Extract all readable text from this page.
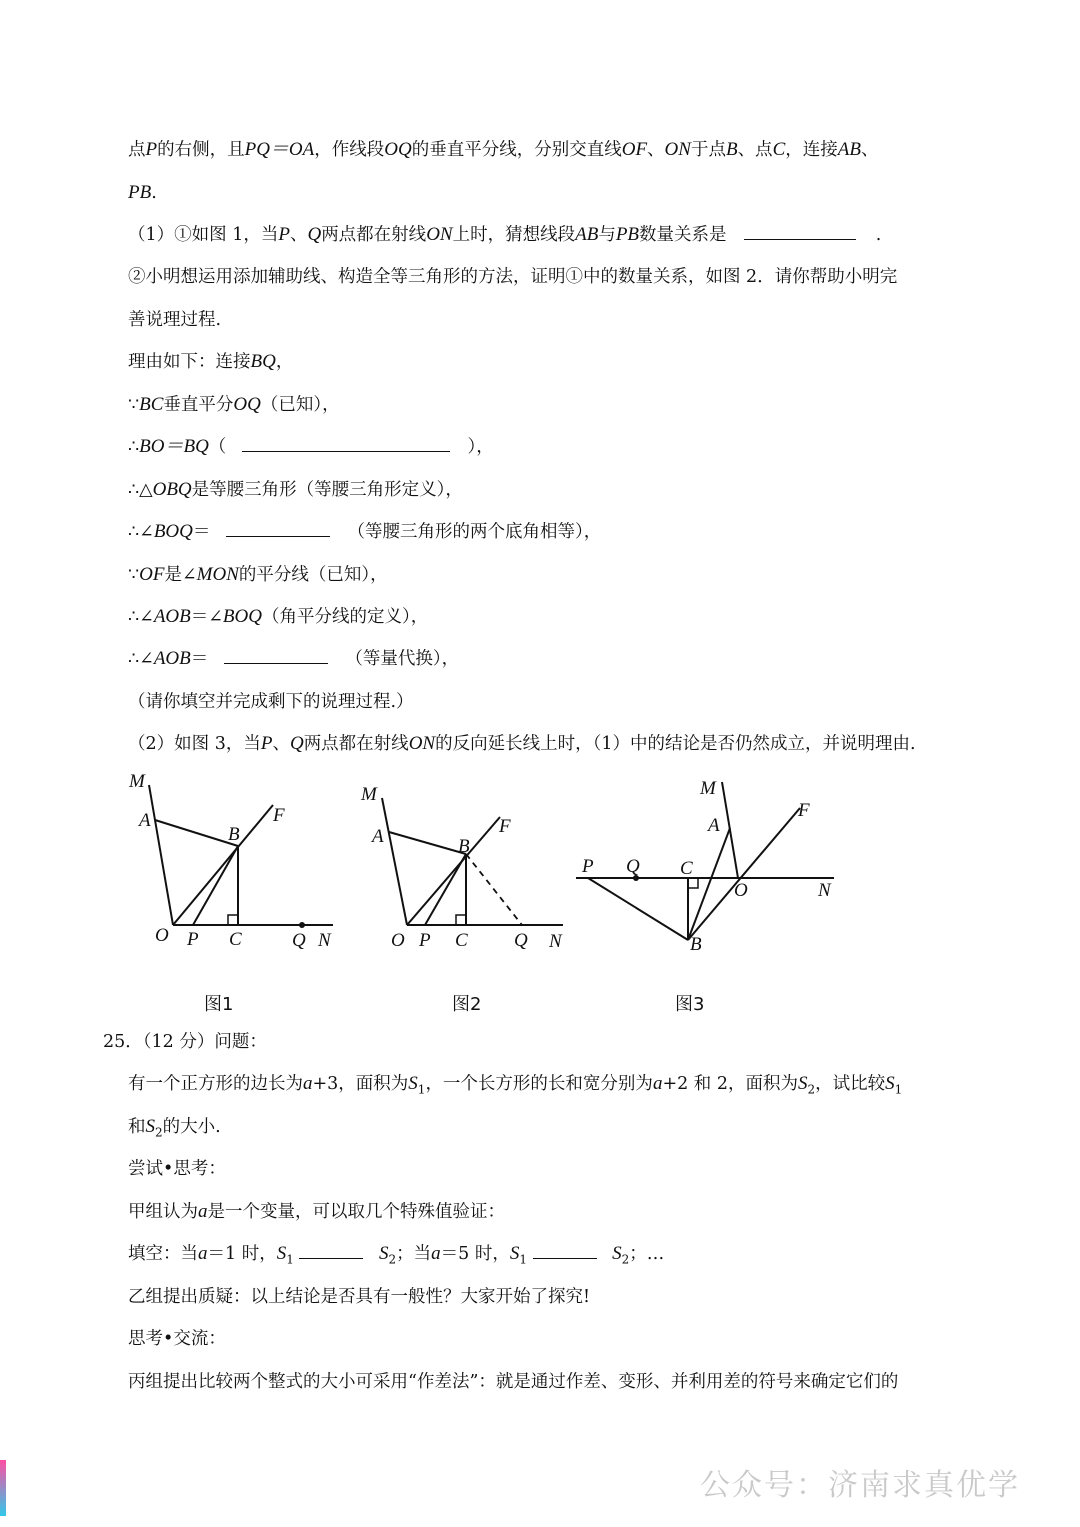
点P的右侧，且PQ＝OA，作线段OQ的垂直平分线，分别交直线OF、ON于点B、点C，连接AB、
PB.
（1）①如图 1，当P、Q两点都在射线ON上时，猜想线段AB与PB数量关系是	.
②小明想运用添加辅助线、构造全等三角形的方法，证明①中的数量关系，如图 2．请你帮助小明完
善说理过程.
理由如下：连接BQ，
∵BC垂直平分OQ（已知），
∴BO＝BQ（	），
∴△OBQ是等腰三角形（等腰三角形定义），
∴∠BOQ＝	（等腰三角形的两个底角相等），
∵OF是∠MON的平分线（已知），
∴∠AOB＝∠BOQ（角平分线的定义），
∴∠AOB＝	（等量代换），
（请你填空并完成剩下的说理过程.）
（2）如图 3，当P、Q两点都在射线ON的反向延长线上时，（1）中的结论是否仍然成立，并说明理由.
M
A
B
F
O P C	Q N
图1
M
A	B
F
O P C Q N
图2
M
A
F
P Q C
O	N
B
图3
25．（12 分）问题：
有一个正方形的边长为a+3，面积为$S_1$，一个长方形的长和宽分别为a+2 和 2，面积为$S_2$，试比较$S_1$
和$S_2$的大小.
尝试•思考：
甲组认为a是一个变量，可以取几个特殊值验证：
填空：当a＝1 时，$S_1$	$S_2$；当a＝5 时，$S_1$	$S_2$；…
乙组提出质疑：以上结论是否具有一般性？大家开始了探究!
思考•交流：
丙组提出比较两个整式的大小可采用“作差法”：就是通过作差、变形、并利用差的符号来确定它们的
公众号：济南求真优学
